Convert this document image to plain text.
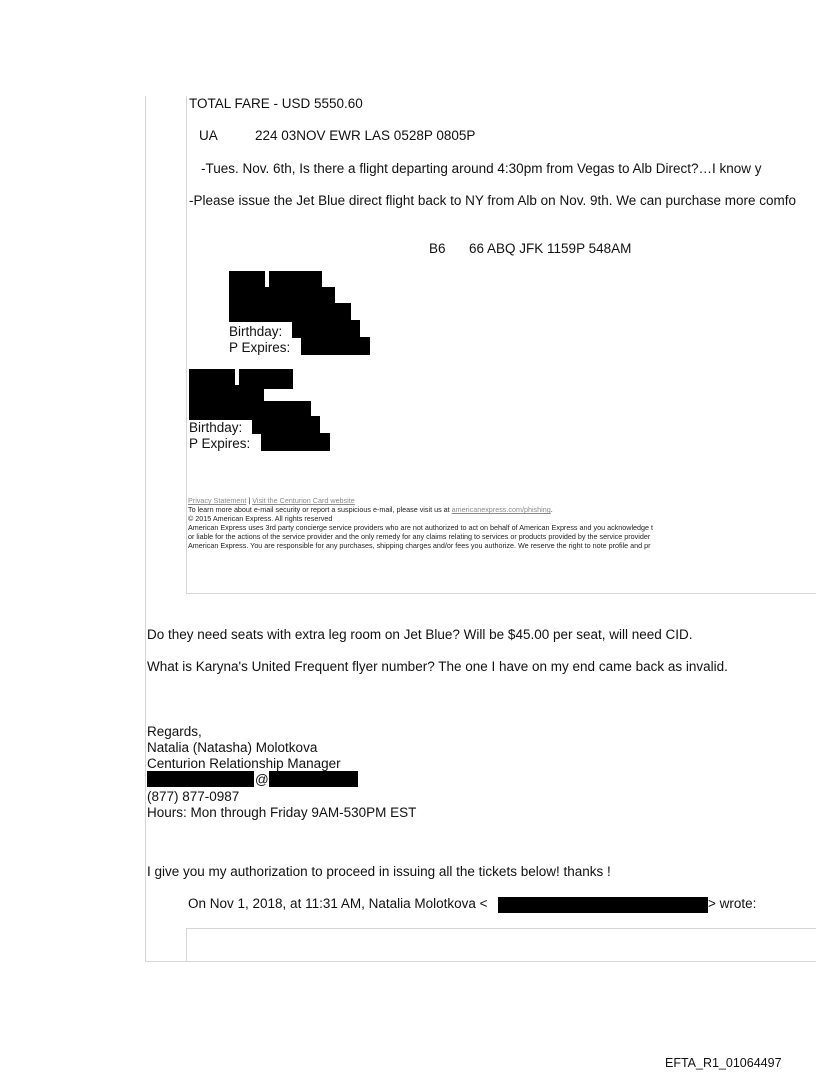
TOTAL FARE - USD 5550.60
UA	224 03NOV EWR LAS 0528P 0805P
-Tues. Nov. 6th, Is there a flight departing around 4:30pm from Vegas to Alb Direct?…I know y
-Please issue the Jet Blue direct flight back to NY from Alb on Nov. 9th. We can purchase more comfo
B6 66 ABQ JFK 1159P 548AM
Birthday:
P Expires:
Birthday:
P Expires:
Privacy Statement | Visit the Centurion Card website
To learn more about e-mail security or report a suspicious e-mail, please visit us at americanexpress.com/phishing.
© 2015 American Express. All rights reserved
American Express uses 3rd party concierge service providers who are not authorized to act on behalf of American Express and you acknowledge t
or liable for the actions of the service provider and the only remedy for any claims relating to services or products provided by the service provider
American Express. You are responsible for any purchases, shipping charges and/or fees you authorize. We reserve the right to note profile and pr
Do they need seats with extra leg room on Jet Blue? Will be $45.00 per seat, will need CID.
What is Karyna's United Frequent flyer number? The one I have on my end came back as invalid.
Regards,
Natalia (Natasha) Molotkova
Centurion Relationship Manager
@
(877) 877-0987
Hours: Mon through Friday 9AM-530PM EST
I give you my authorization to proceed in issuing all the tickets below! thanks !
On Nov 1, 2018, at 11:31 AM, Natalia Molotkova <	> wrote:
EFTA_R1_01064497
